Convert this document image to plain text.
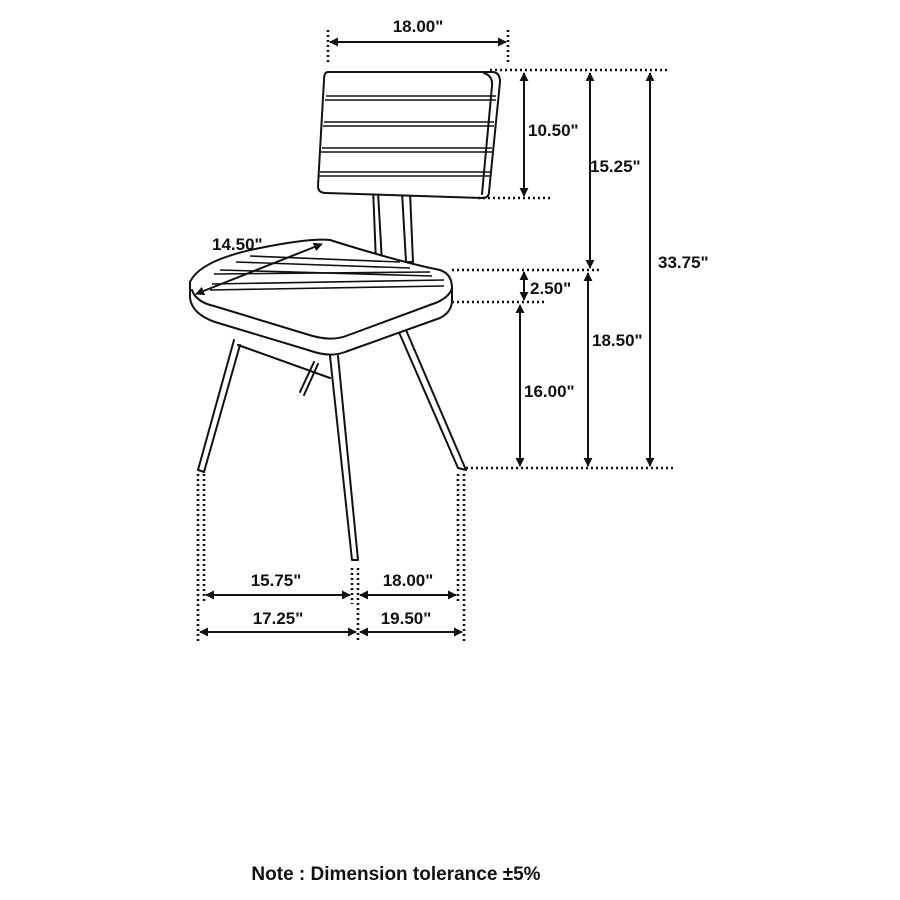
18.00"
10.50"
15.25"
33.75"
14.50"
2.50"
18.50"
16.00"
15.75"	18.00"
17.25"	19.50"
Note : Dimension tolerance ±5%
